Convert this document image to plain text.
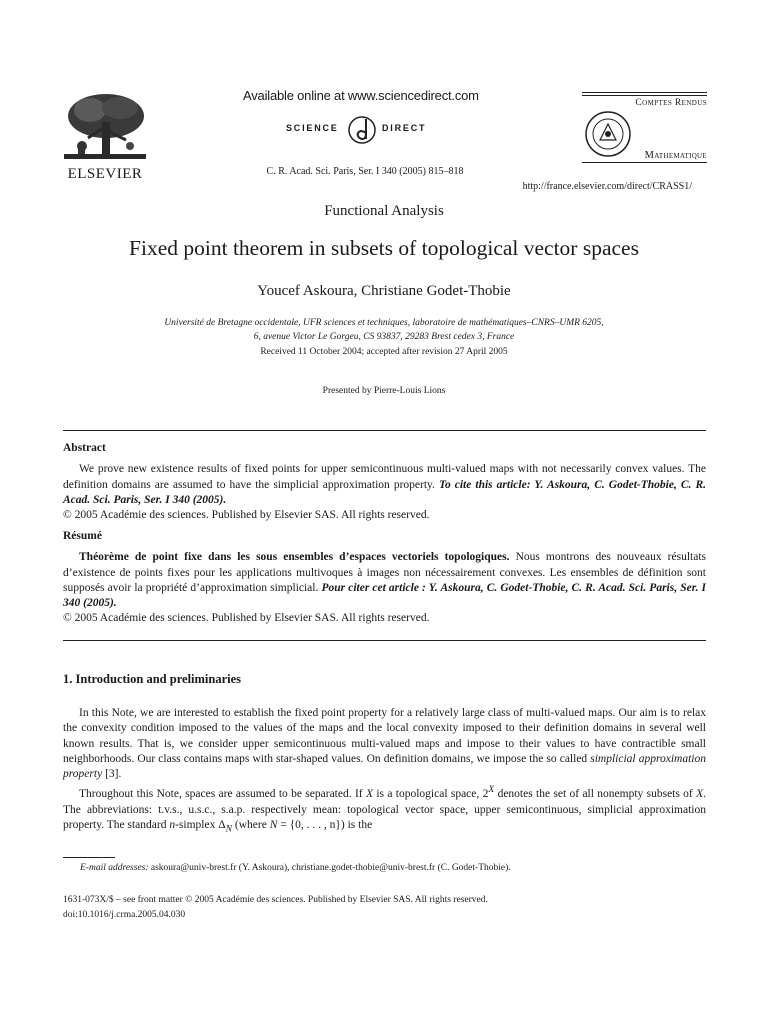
ELSEVIER
Available online at www.sciencedirect.com
SCIENCE	DIRECT
C. R. Acad. Sci. Paris, Ser. I 340 (2005) 815–818
Comptes Rendus
Mathematique
http://france.elsevier.com/direct/CRASS1/
Functional Analysis
Fixed point theorem in subsets of topological vector spaces
Youcef Askoura, Christiane Godet-Thobie
Université de Bretagne occidentale, UFR sciences et techniques, laboratoire de mathématiques–CNRS–UMR 6205,
6, avenue Victor Le Gorgeu, CS 93837, 29283 Brest cedex 3, France
Received 11 October 2004; accepted after revision 27 April 2005
Presented by Pierre-Louis Lions
Abstract

We prove new existence results of fixed points for upper semicontinuous multi-valued maps with not necessarily convex values. The definition domains are assumed to have the simplicial approximation property. To cite this article: Y. Askoura, C. Godet-Thobie, C. R. Acad. Sci. Paris, Ser. I 340 (2005).

© 2005 Académie des sciences. Published by Elsevier SAS. All rights reserved.
Résumé

Théorème de point fixe dans les sous ensembles d’espaces vectoriels topologiques. Nous montrons des nouveaux résultats d’existence de points fixes pour les applications multivoques à images non nécessairement convexes. Les ensembles de définition sont supposés avoir la propriété d’approximation simplicial. Pour citer cet article : Y. Askoura, C. Godet-Thobie, C. R. Acad. Sci. Paris, Ser. I 340 (2005).

© 2005 Académie des sciences. Published by Elsevier SAS. All rights reserved.
1. Introduction and preliminaries

In this Note, we are interested to establish the fixed point property for a relatively large class of multi-valued maps. Our aim is to relax the convexity condition imposed to the values of the maps and the local convexity imposed to their definition domains in several well known results. That is, we consider upper semicontinuous multi-valued maps and impose to their values to have contractible small neighborhoods. Our class contains maps with star-shaped values. On definition domains, we impose the so called simplicial approximation property [3].

Throughout this Note, spaces are assumed to be separated. If X is a topological space, $2^X$ denotes the set of all nonempty subsets of X. The abbreviations: t.v.s., u.s.c., s.a.p. respectively mean: topological vector space, upper semicontinuous, simplicial approximation property. The standard n-simplex $\Delta_N$ (where N = {0, . . . , n}) is the

E-mail addresses: askoura@univ-brest.fr (Y. Askoura), christiane.godet-thobie@univ-brest.fr (C. Godet-Thobie).
1631-073X/$ – see front matter © 2005 Académie des sciences. Published by Elsevier SAS. All rights reserved.
doi:10.1016/j.crma.2005.04.030
